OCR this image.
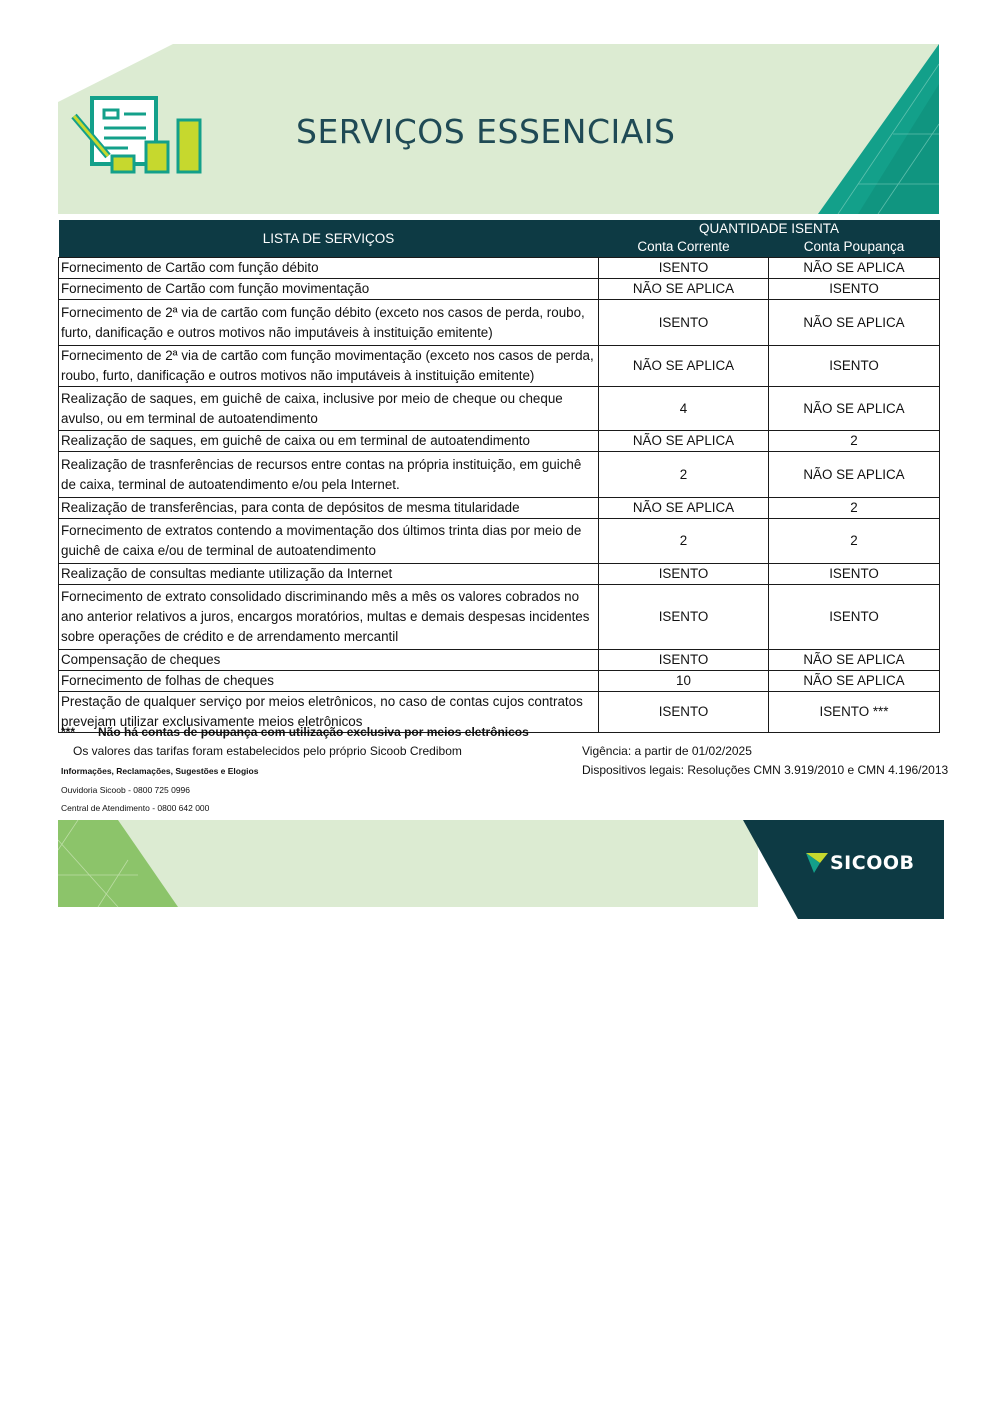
SERVIÇOS ESSENCIAIS
LISTA DE SERVIÇOS	QUANTIDADE ISENTA
Conta Corrente Conta Poupança	

Fornecimento de Cartão com função débito	ISENTO	NÃO SE APLICA
Fornecimento de Cartão com função movimentação	NÃO SE APLICA	ISENTO
Fornecimento de 2ª via de cartão com função débito (exceto nos casos de perda, roubo, furto, danificação e outros motivos não imputáveis à instituição emitente)	ISENTO	NÃO SE APLICA
Fornecimento de 2ª via de cartão com função movimentação (exceto nos casos de perda, roubo, furto, danificação e outros motivos não imputáveis à instituição emitente)	NÃO SE APLICA	ISENTO
Realização de saques, em guichê de caixa, inclusive por meio de cheque ou cheque avulso, ou em terminal de autoatendimento	4	NÃO SE APLICA
Realização de saques, em guichê de caixa ou em terminal de autoatendimento	NÃO SE APLICA	2
Realização de trasnferências de recursos entre contas na própria instituição, em guichê de caixa, terminal de autoatendimento e/ou pela Internet.	2	NÃO SE APLICA
Realização de transferências, para conta de depósitos de mesma titularidade	NÃO SE APLICA	2
Fornecimento de extratos contendo a movimentação dos últimos trinta dias por meio de guichê de caixa e/ou de terminal de autoatendimento	2	2
Realização de consultas mediante utilização da Internet	ISENTO	ISENTO
Fornecimento de extrato consolidado discriminando mês a mês os valores cobrados no ano anterior relativos a juros, encargos moratórios, multas e demais despesas incidentes sobre operações de crédito e de arrendamento mercantil	ISENTO	ISENTO
Compensação de cheques	ISENTO	NÃO SE APLICA
Fornecimento de folhas de cheques	10	NÃO SE APLICA
Prestação de qualquer serviço por meios eletrônicos, no caso de contas cujos contratos prevejam utilizar exclusivamente meios eletrônicos	ISENTO	ISENTO ***
*** Não há contas de poupança com utilização exclusiva por meios eletrônicos
Os valores das tarifas foram estabelecidos pelo próprio Sicoob Credibom	Vigência: a partir de 01/02/2025
Dispositivos legais: Resoluções CMN 3.919/2010 e CMN 4.196/2013
Informações, Reclamações, Sugestões e Elogios
Ouvidoria Sicoob - 0800 725 0996
Central de Atendimento - 0800 642 000
SICOOB
